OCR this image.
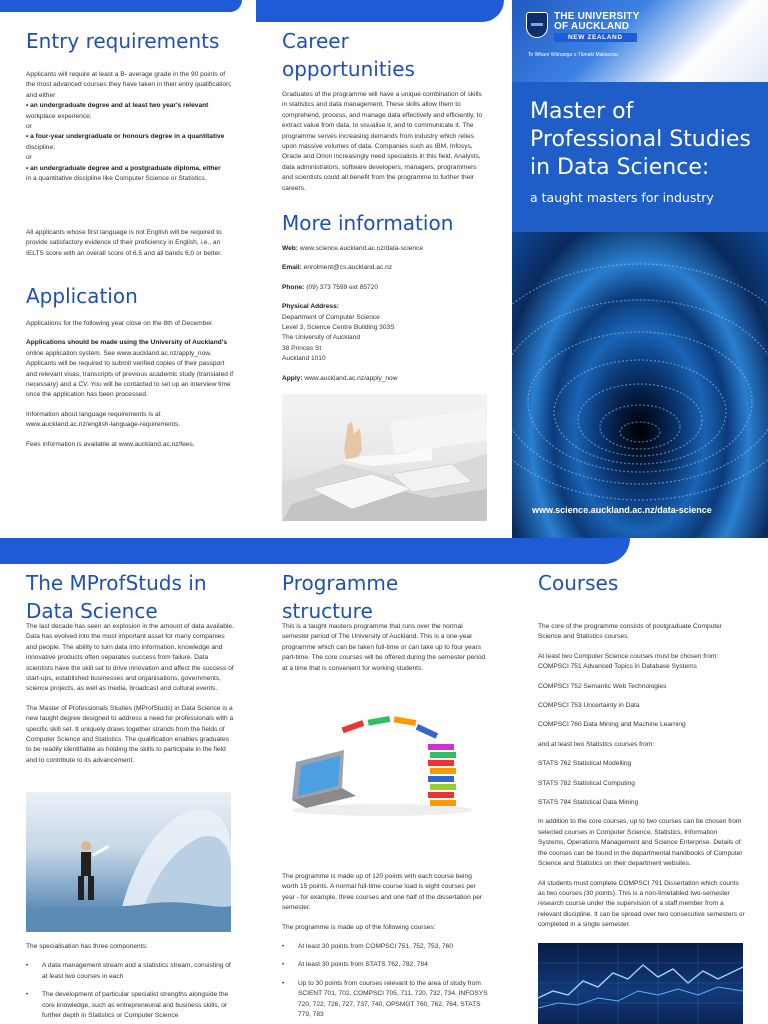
Entry requirements

Applicants will require at least a B- average grade in the 90 points of the most advanced courses they have taken in their entry qualification;

and either

• an undergraduate degree and at least two year's relevant

workplace experience;

or

• a four-year undergraduate or honours degree in a quantitative

discipline;

or

• an undergraduate degree and a postgraduate diploma, either

in a quantitative discipline like Computer Science or Statistics.

All applicants whose first language is not English will be required to provide satisfactory evidence of their proficiency in English, i.e., an IELTS score with an overall score of 6.5 and all bands 6.0 or better.
Application

Applications for the following year close on the 8th of December.

Applications should be made using the University of Auckland's online application system. See www.auckland.ac.nz/apply_now. Applicants will be required to submit verified copies of their passport and relevant visas, transcripts of previous academic study (translated if necessary) and a CV. You will be contacted to set up an interview time once the application has been processed.

Information about language requirements is at www.auckland.ac.nz/english-language-requirements.

Fees information is available at www.auckland.ac.nz/fees.

Career
opportunities
Graduates of the programme will have a unique combination of skills in statistics and data management. These skills allow them to comprehend, process, and manage data effectively and efficiently, to extract value from data, to visualise it, and to communicate it. The programme serves increasing demands from industry which relies upon massive volumes of data. Companies such as IBM, Infosys, Oracle and Orion increasingly need specialists in this field. Analysts, data administrators, software developers, managers, programmers and scientists could all benefit from the programme to further their careers.
More information

Web: www.science.auckland.ac.nz/data-science

Email: enrolment@cs.auckland.ac.nz

Phone: (09) 373 7599 ext 85720

Physical Address:
Department of Computer Science
Level 3, Science Centre Building 303S
The University of Auckland
38 Princes St
Auckland 1010

Apply: www.auckland.ac.nz/apply_now

THE UNIVERSITY
OF AUCKLAND
NEW ZEALAND
Te Whare Wānanga o Tāmaki Makaurau
Master of
Professional Studies
in Data Science:
a taught masters for industry
www.science.auckland.ac.nz/data-science
The MProfStuds in
Data Science

The last decade has seen an explosion in the amount of data available. Data has evolved into the most important asset for many companies and people. The ability to turn data into information, knowledge and innovative products often separates success from failure. Data scientists have the skill set to drive innovation and affect the success of start-ups, established businesses and organisations, governments, science projects, as well as media, broadcast and cultural events.

The Master of Professionals Studies (MProfStuds) in Data Science is a new taught degree designed to address a need for professionals with a specific skill set. It uniquely draws together strands from the fields of Computer Science and Statistics. The qualification enables graduates to be readily identifiable as holding the skills to participate in the field and to contribute to its advancement.

The specialisation has three components:

•	A data management stream and a statistics stream, consisting of at least two courses in each
•	The development of particular specialist strengths alongside the core knowledge, such as entrepreneurial and business skills, or further depth in Statistics or Computer Science
Programme
structure
This is a taught masters programme that runs over the normal semester period of The University of Auckland. This is a one-year programme which can be taken full-time or can take up to four years part-time. The core courses will be offered during the semester period at a time that is convenient for working students.

The programme is made up of 120 points with each course being worth 15 points. A normal full-time course load is eight courses per year - for example, three courses and one half of the dissertation per semester.

The programme is made up of the following courses:

•	At least 30 points from COMPSCI 751, 752, 753, 760
•	At least 30 points from STATS 762, 782, 784
•	Up to 30 points from courses relevant to the area of study from SCIENT 701, 702, COMPSCI 705, 711, 720, 732, 734, INFOSYS 720, 722, 726, 727, 737, 740, OPSMGT 760, 762, 764, STATS 779, 783
Courses

The core of the programme consists of postgraduate Computer Science and Statistics courses.

At least two Computer Science courses must be chosen from: COMPSCI 751 Advanced Topics in Database Systems

COMPSCI 752 Semantic Web Technologies

COMPSCI 753 Uncertainty in Data

COMPSCI 760 Data Mining and Machine Learning

and at least two Statistics courses from:

STATS 762 Statistical Modelling

STATS 782 Statistical Computing

STATS 784 Statistical Data Mining

In addition to the core courses, up to two courses can be chosen from selected courses in Computer Science, Statistics, Information Systems, Operations Management and Science Enterprise. Details of the courses can be found in the departmental handbooks of Computer Science and Statistics on their department websites.

All students must complete COMPSCI 791 Dissertation which counts as two courses (30 points). This is a non-timetabled two-semester research course under the supervision of a staff member from a relevant discipline. It can be spread over two consecutive semesters or completed in a single semester.
